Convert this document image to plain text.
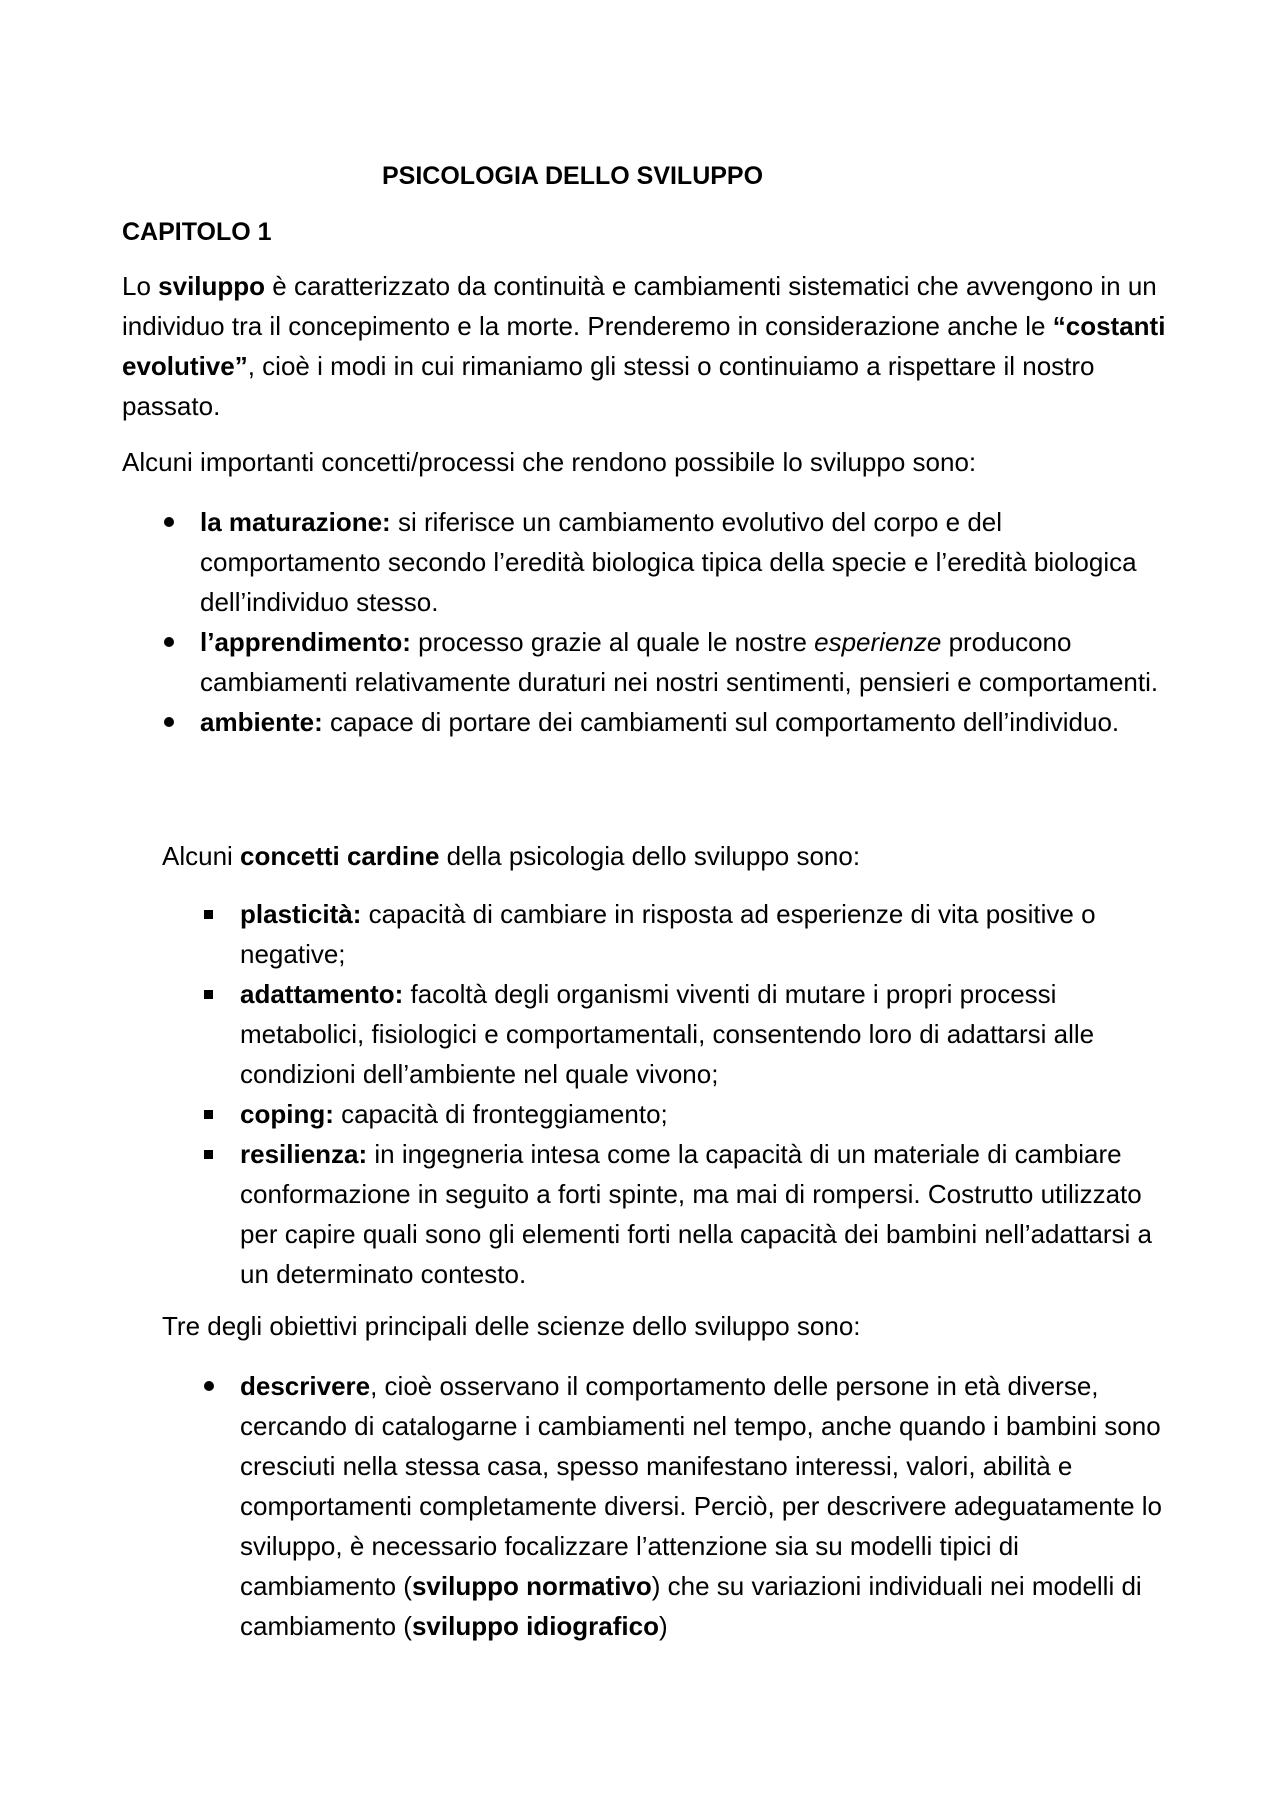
PSICOLOGIA DELLO SVILUPPO
CAPITOLO 1

Lo sviluppo è caratterizzato da continuità e cambiamenti sistematici che avvengono in un individuo tra il concepimento e la morte. Prenderemo in considerazione anche le “costanti evolutive”, cioè i modi in cui rimaniamo gli stessi o continuiamo a rispettare il nostro passato.

Alcuni importanti concetti/processi che rendono possibile lo sviluppo sono:

la maturazione: si riferisce un cambiamento evolutivo del corpo e del comportamento secondo l’eredità biologica tipica della specie e l’eredità biologica dell’individuo stesso.
l’apprendimento: processo grazie al quale le nostre esperienze producono cambiamenti relativamente duraturi nei nostri sentimenti, pensieri e comportamenti.
ambiente: capace di portare dei cambiamenti sul comportamento dell’individuo.

Alcuni concetti cardine della psicologia dello sviluppo sono:

plasticità: capacità di cambiare in risposta ad esperienze di vita positive o negative;
adattamento: facoltà degli organismi viventi di mutare i propri processi metabolici, fisiologici e comportamentali, consentendo loro di adattarsi alle condizioni dell’ambiente nel quale vivono;
coping: capacità di fronteggiamento;
resilienza: in ingegneria intesa come la capacità di un materiale di cambiare conformazione in seguito a forti spinte, ma mai di rompersi. Costrutto utilizzato per capire quali sono gli elementi forti nella capacità dei bambini nell’adattarsi a un determinato contesto.

Tre degli obiettivi principali delle scienze dello sviluppo sono:

descrivere, cioè osservano il comportamento delle persone in età diverse, cercando di catalogarne i cambiamenti nel tempo, anche quando i bambini sono cresciuti nella stessa casa, spesso manifestano interessi, valori, abilità e comportamenti completamente diversi. Perciò, per descrivere adeguatamente lo sviluppo, è necessario focalizzare l’attenzione sia su modelli tipici di cambiamento (sviluppo normativo) che su variazioni individuali nei modelli di cambiamento (sviluppo idiografico)
